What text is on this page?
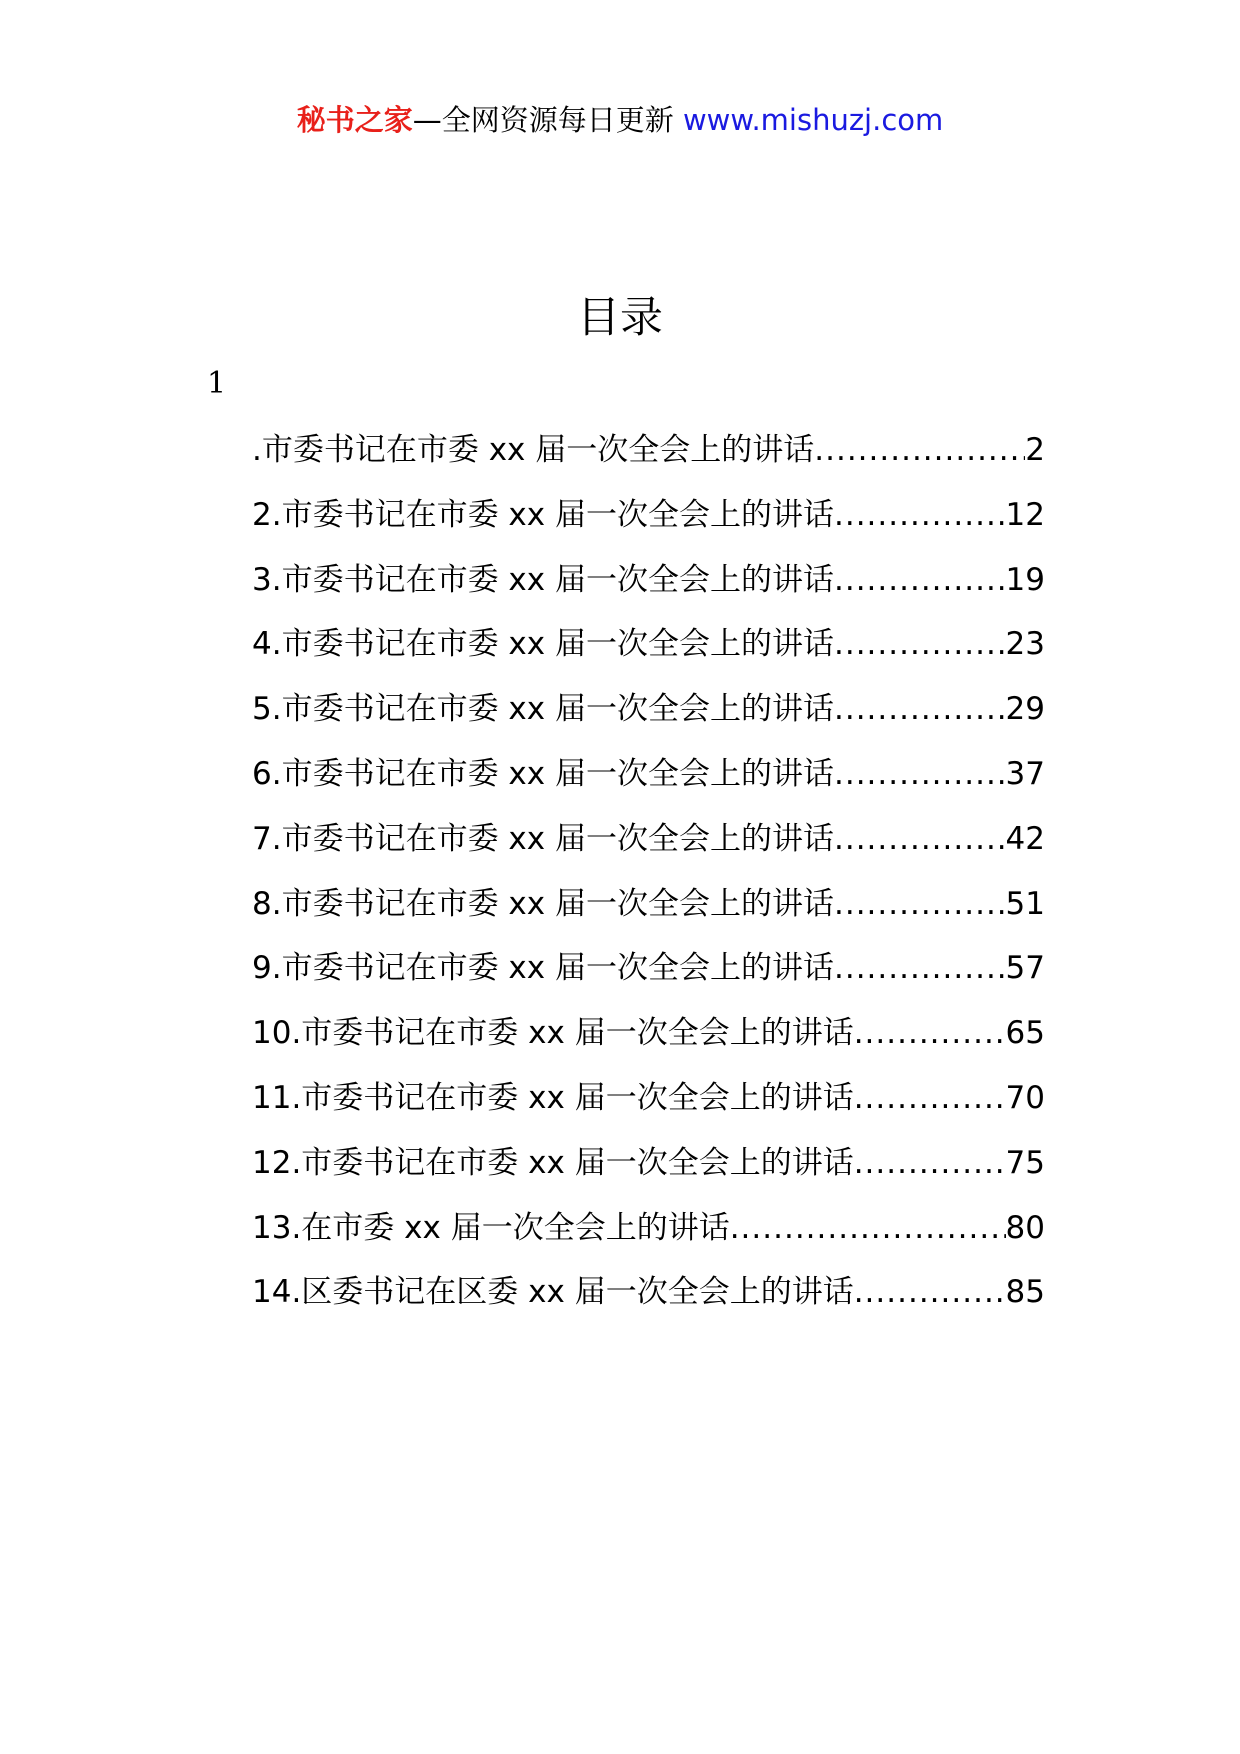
秘书之家—全网资源每日更新 www.mishuzj.com
目录
1
.市委书记在市委 xx 届一次全会上的讲话 .....	2
2.市委书记在市委 xx 届一次全会上的讲话 .....	12
3.市委书记在市委 xx 届一次全会上的讲话 .....	19
4.市委书记在市委 xx 届一次全会上的讲话 .....	23
5.市委书记在市委 xx 届一次全会上的讲话 .....	29
6.市委书记在市委 xx 届一次全会上的讲话 .....	37
7.市委书记在市委 xx 届一次全会上的讲话 .....	42
8.市委书记在市委 xx 届一次全会上的讲话 .....	51
9.市委书记在市委 xx 届一次全会上的讲话 .....	57
10.市委书记在市委 xx 届一次全会上的讲话 .....	65
11.市委书记在市委 xx 届一次全会上的讲话 .....	70
12.市委书记在市委 xx 届一次全会上的讲话 .....	75
13.在市委 xx 届一次全会上的讲话 .....	80
14.区委书记在区委 xx 届一次全会上的讲话 .....	85
